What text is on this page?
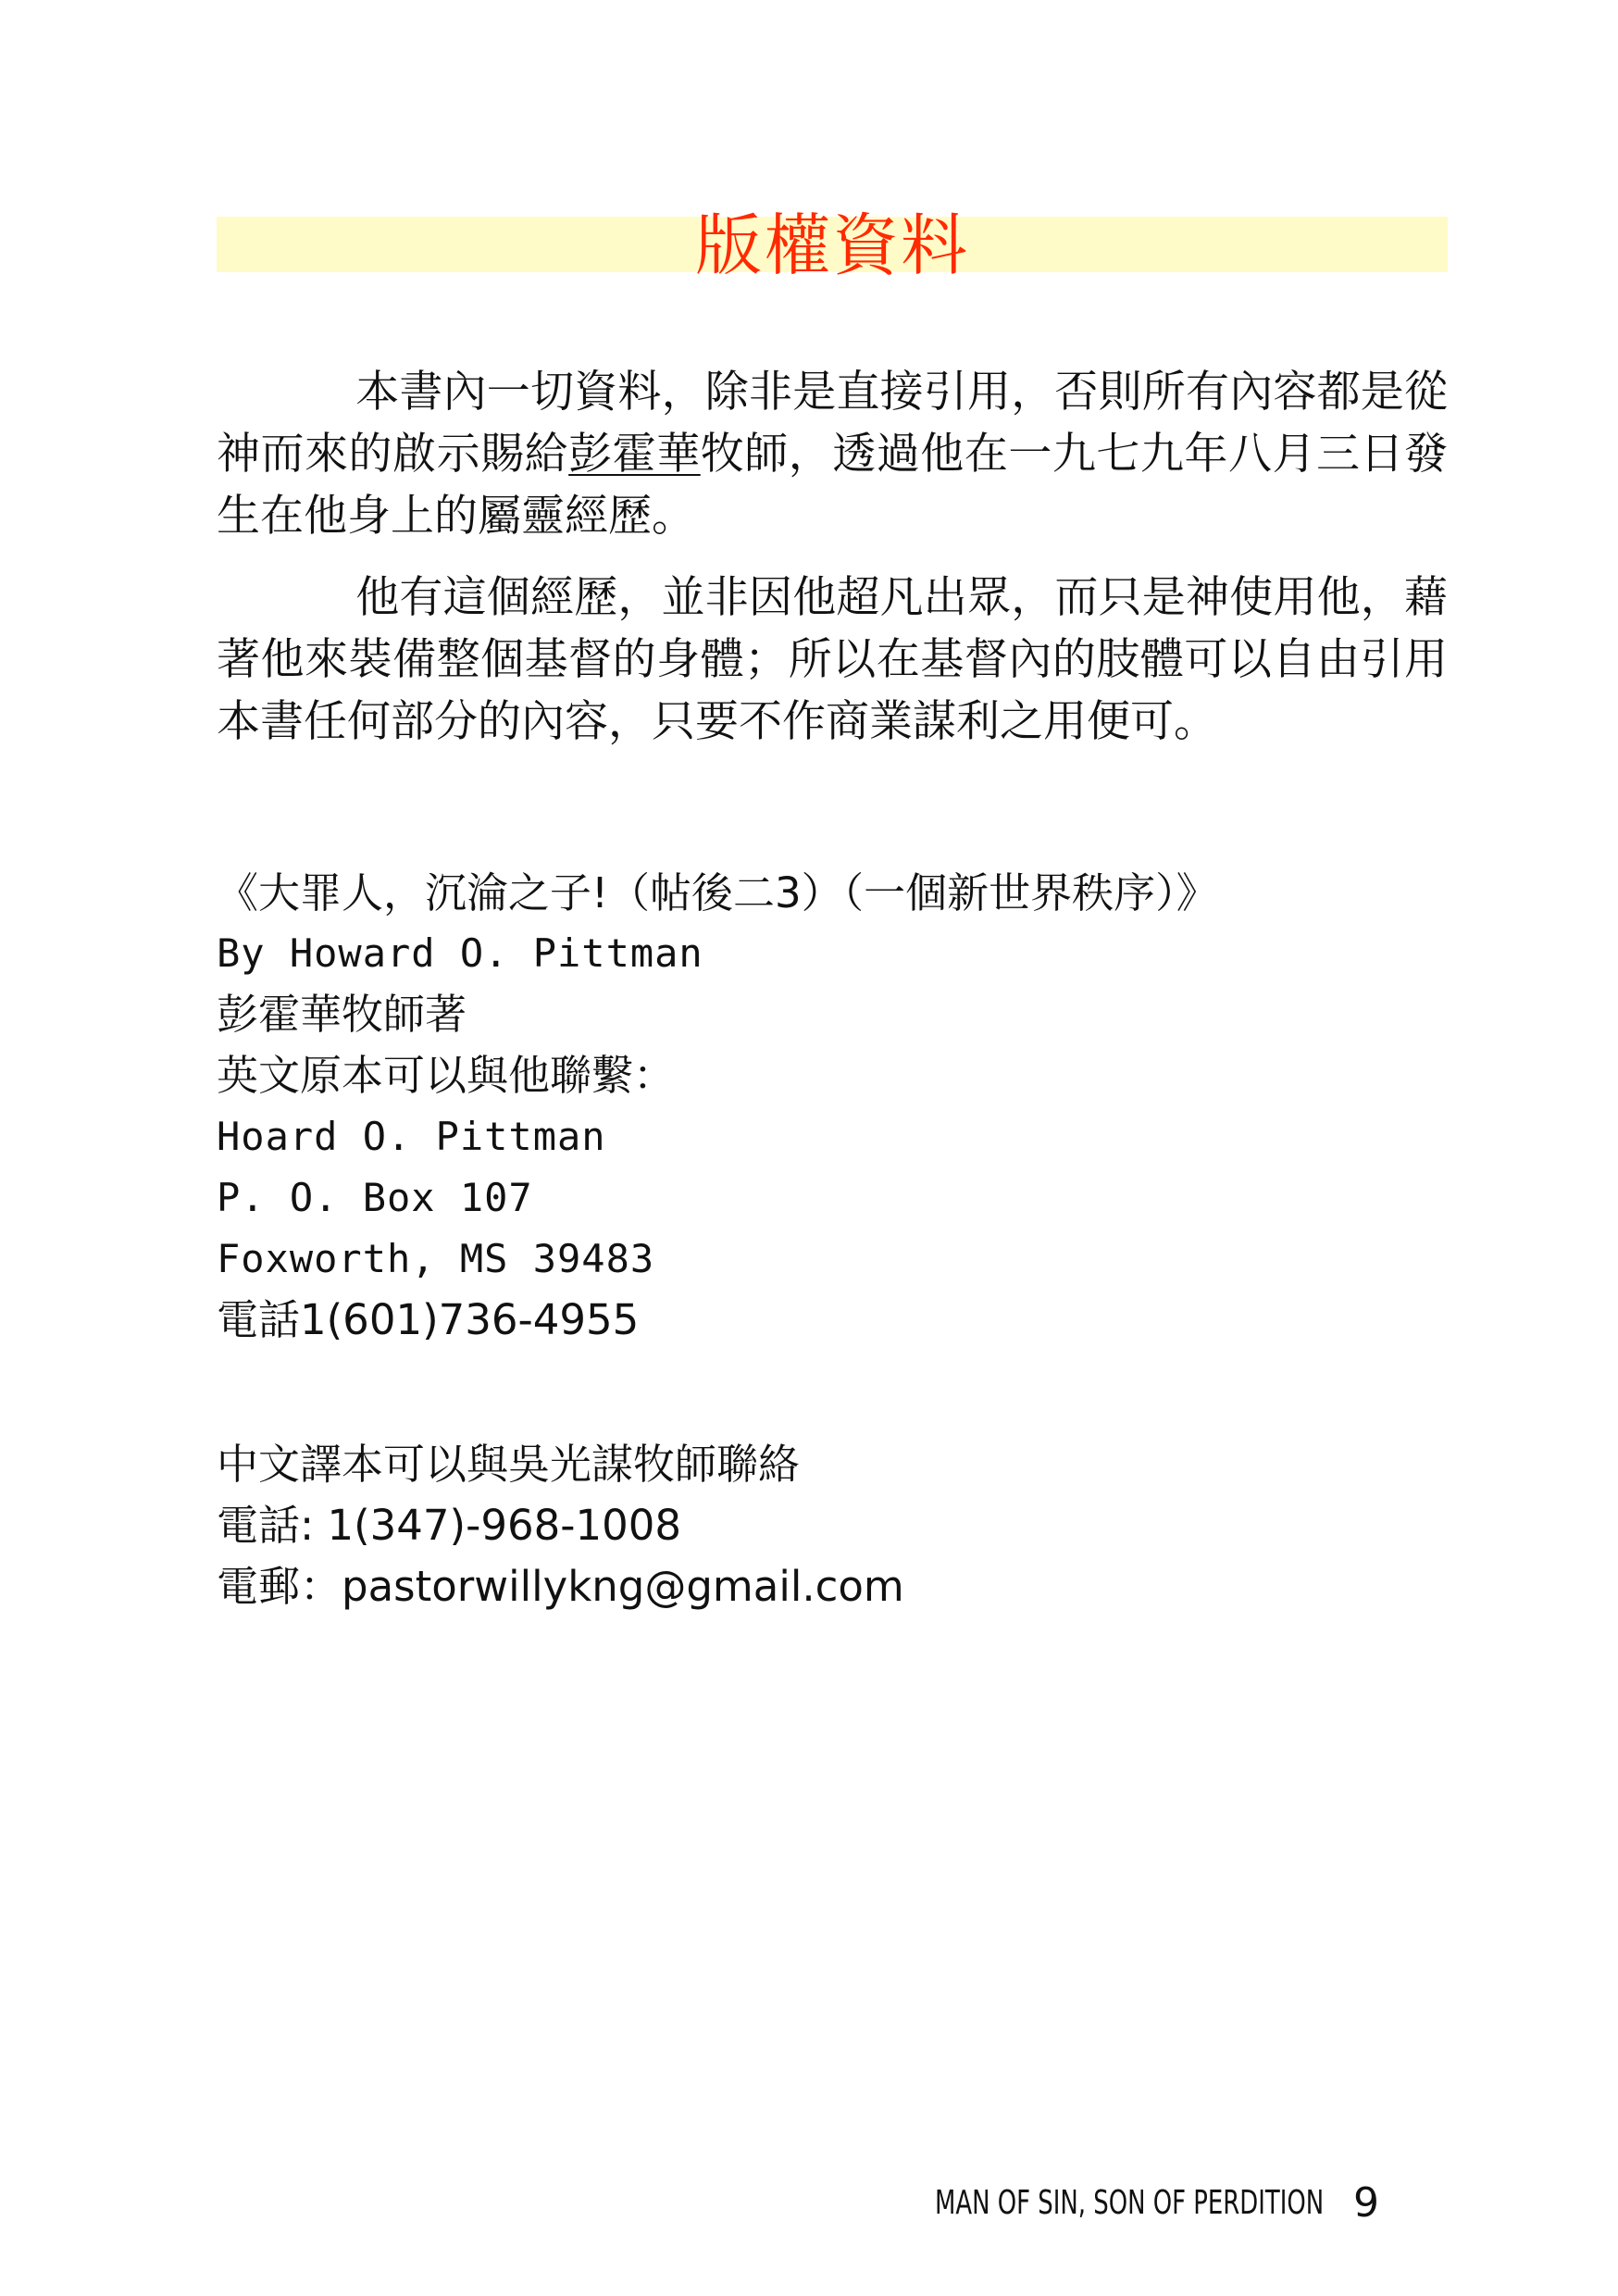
版權資料

本書內一切資料，除非是直接引用，否則所有內容都是從神而來的啟示賜給彭霍華牧師，透過他在一九七九年八月三日發生在他身上的屬靈經歷。

他有這個經歷，並非因他超凡出眾，而只是神使用他，藉著他來裝備整個基督的身體；所以在基督內的肢體可以自由引用本書任何部分的內容，只要不作商業謀利之用便可。

《大罪人，沉淪之子!（帖後二3）（一個新世界秩序）》
By Howard O. Pittman
彭霍華牧師著
英文原本可以與他聯繫：
Hoard O. Pittman
P. O. Box 107
Foxworth, MS 39483
電話1(601)736-4955
中文譯本可以與吳光謀牧師聯絡
電話: 1(347)-968-1008
電郵：pastorwillykng@gmail.com
MAN OF SIN, SON OF PERDITION 9
